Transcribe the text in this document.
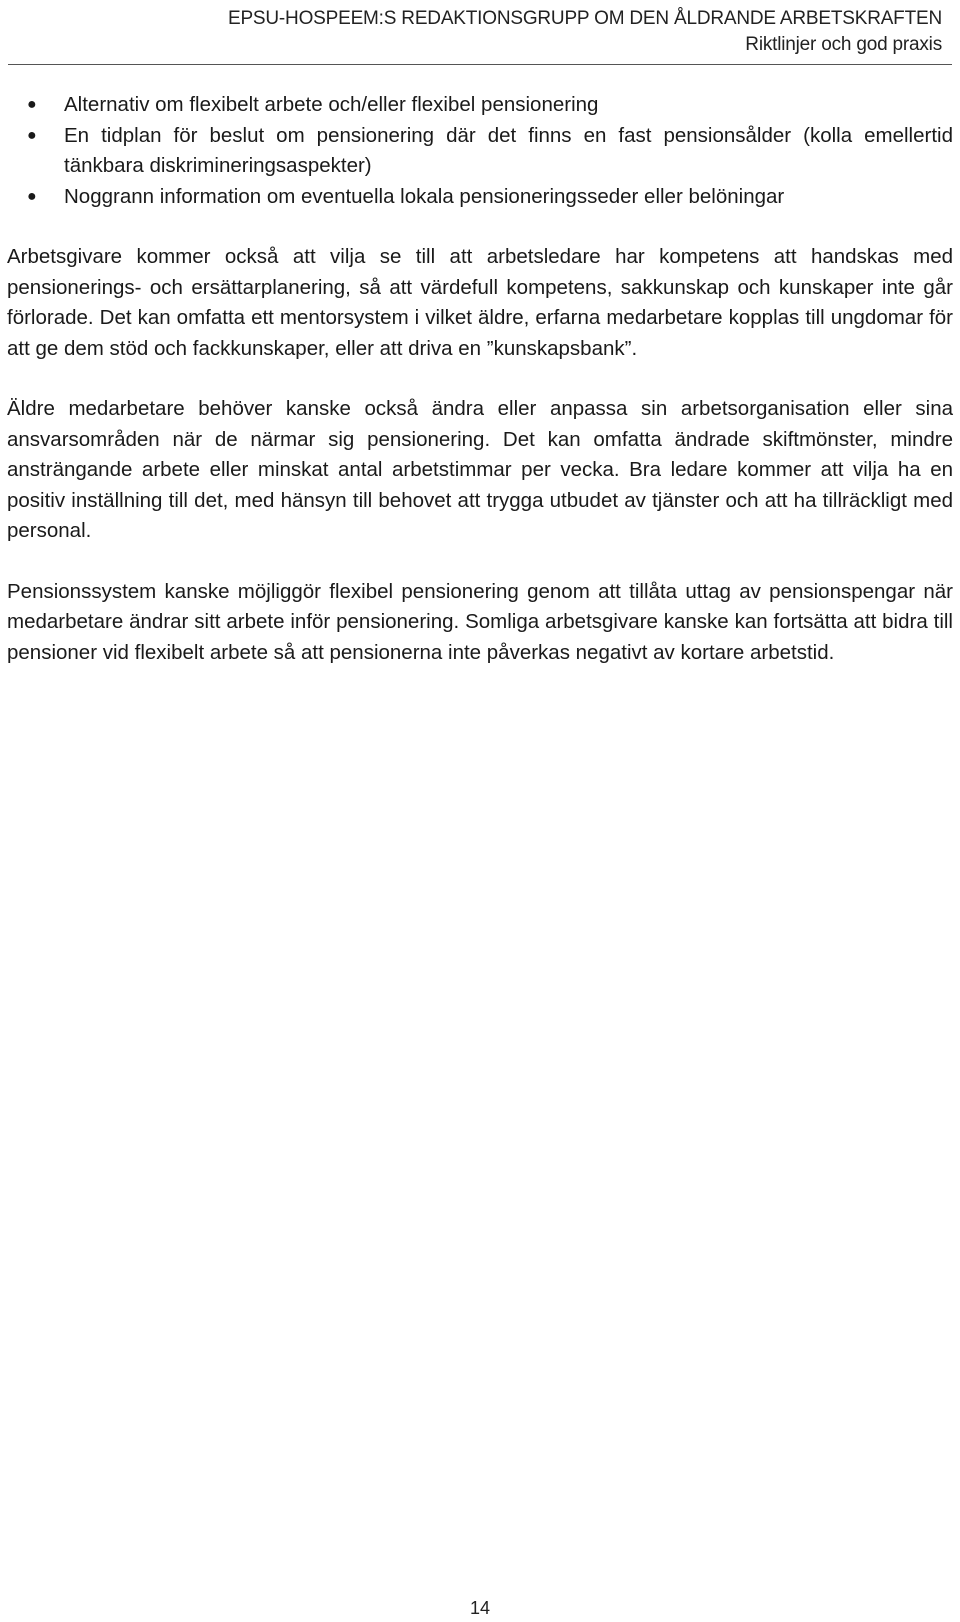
EPSU-HOSPEEM:S REDAKTIONSGRUPP OM DEN ÅLDRANDE ARBETSKRAFTEN
Riktlinjer och god praxis
● Alternativ om flexibelt arbete och/eller flexibel pensionering
● En tidplan för beslut om pensionering där det finns en fast pensionsålder (kolla emellertid tänkbara diskrimineringsaspekter)
● Noggrann information om eventuella lokala pensioneringsseder eller belöningar

Arbetsgivare kommer också att vilja se till att arbetsledare har kompetens att handskas med pensionerings- och ersättarplanering, så att värdefull kompetens, sakkunskap och kunskaper inte går förlorade. Det kan omfatta ett mentorsystem i vilket äldre, erfarna medarbetare kopplas till ungdomar för att ge dem stöd och fackkunskaper, eller att driva en ”kunskapsbank”.

Äldre medarbetare behöver kanske också ändra eller anpassa sin arbetsorganisation eller sina ansvarsområden när de närmar sig pensionering. Det kan omfatta ändrade skiftmönster, mindre ansträngande arbete eller minskat antal arbetstimmar per vecka. Bra ledare kommer att vilja ha en positiv inställning till det, med hänsyn till behovet att trygga utbudet av tjänster och att ha tillräckligt med personal.

Pensionssystem kanske möjliggör flexibel pensionering genom att tillåta uttag av pensionspengar när medarbetare ändrar sitt arbete inför pensionering. Somliga arbetsgivare kanske kan fortsätta att bidra till pensioner vid flexibelt arbete så att pensionerna inte påverkas negativt av kortare arbetstid.

14
